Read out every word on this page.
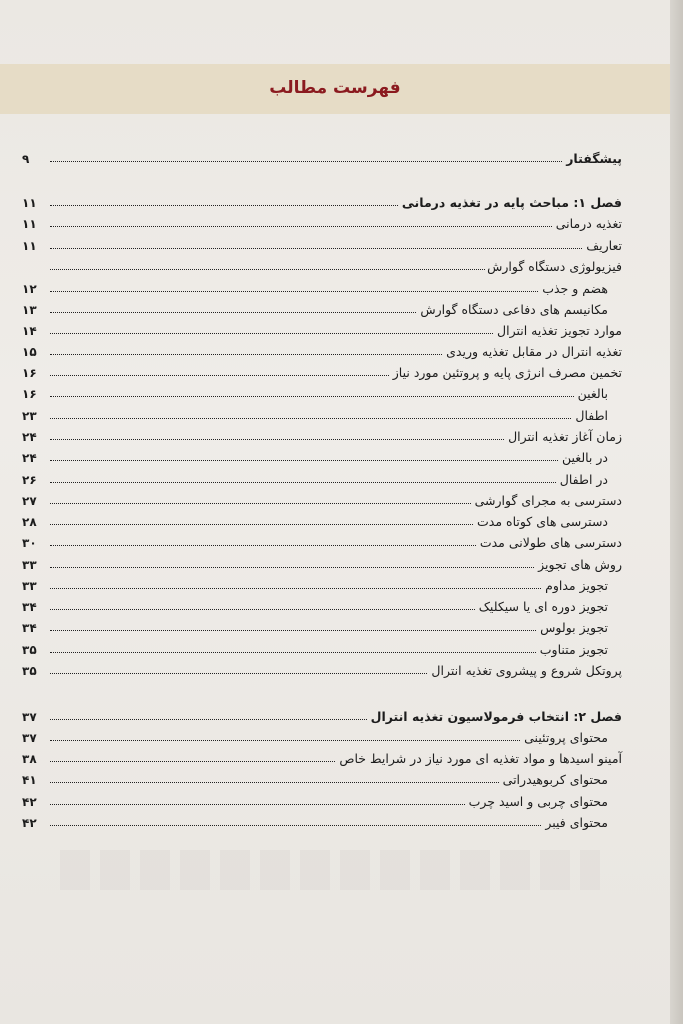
فهرست مطالب
پیشگفتار
۹
فصل ۱: مباحث پایه در تغذیه درمانی
۱۱
تغذیه درمانی
۱۱
تعاریف
۱۱
فیزیولوژی دستگاه گوارش
هضم و جذب
۱۲
مکانیسم های دفاعی دستگاه گوارش
۱۳
موارد تجویز تغذیه انترال
۱۴
تغذیه انترال در مقابل تغذیه وریدی
۱۵
تخمین مصرف انرژی پایه و پروتئین مورد نیاز
۱۶
بالغین
۱۶
اطفال
۲۳
زمان آغاز تغذیه انترال
۲۴
در بالغین
۲۴
در اطفال
۲۶
دسترسی به مجرای گوارشی
۲۷
دسترسی های کوتاه مدت
۲۸
دسترسی های طولانی مدت
۳۰
روش های تجویز
۳۳
تجویز مداوم
۳۳
تجویز دوره ای یا سیکلیک
۳۴
تجویز بولوس
۳۴
تجویز متناوب
۳۵
پروتکل شروع و پیشروی تغذیه انترال
۳۵
فصل ۲: انتخاب فرمولاسیون تغذیه انترال
۳۷
محتوای پروتئینی
۳۷
آمینو اسیدها و مواد تغذیه ای مورد نیاز در شرایط خاص
۳۸
محتوای کربوهیدراتی
۴۱
محتوای چربی و اسید چرب
۴۲
محتوای فیبر
۴۲
